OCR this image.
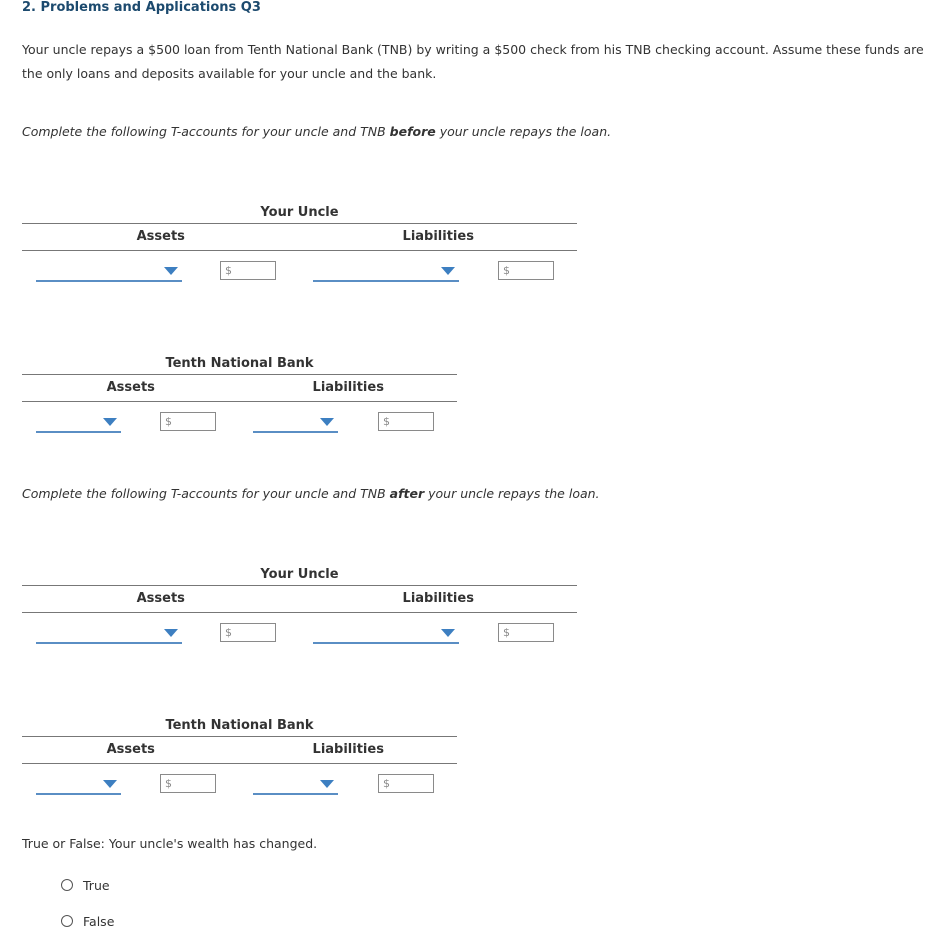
2. Problems and Applications Q3
Your uncle repays a $500 loan from Tenth National Bank (TNB) by writing a $500 check from his TNB checking account. Assume these funds are the only loans and deposits available for your uncle and the bank.
Complete the following T-accounts for your uncle and TNB before your uncle repays the loan.
Your Uncle
Assets	Liabilities
$	$
Tenth National Bank
Assets	Liabilities
$	$
Complete the following T-accounts for your uncle and TNB after your uncle repays the loan.
Your Uncle
Assets	Liabilities
$	$
Tenth National Bank
Assets	Liabilities
$	$
True or False: Your uncle's wealth has changed.
True
False
